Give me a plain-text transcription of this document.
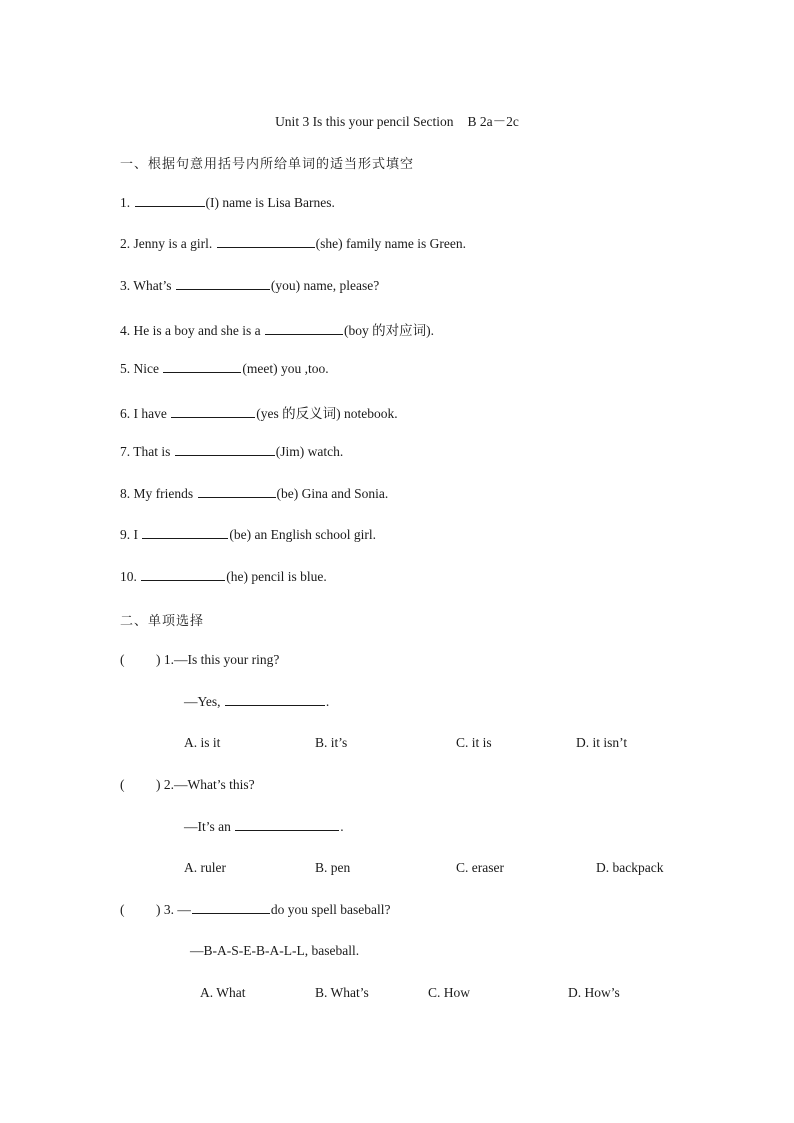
Unit 3 Is this your pencil Section B 2a－2c
一、根据句意用括号内所给单词的适当形式填空
1.	(I) name is Lisa Barnes.
2. Jenny is a girl.	(she) family name is Green.
3. What’s	(you) name, please?
4. He is a boy and she is a	(boy 的对应词).
5. Nice	(meet) you ,too.
6. I have	(yes 的反义词) notebook.
7. That is	(Jim) watch.
8. My friends	(be) Gina and Sonia.
9. I	(be) an English school girl.
10.	(he) pencil is blue.
二、单项选择
( ) 1.—Is this your ring?
—Yes,	.
A. is it	B. it’s	C. it is	D. it isn’t
( ) 2.—What’s this?
—It’s an	.
A. ruler	B. pen	C. eraser	D. backpack
( ) 3. —	do you spell baseball?
—B-A-S-E-B-A-L-L, baseball.
A. What	B. What’s	C. How	D. How’s
